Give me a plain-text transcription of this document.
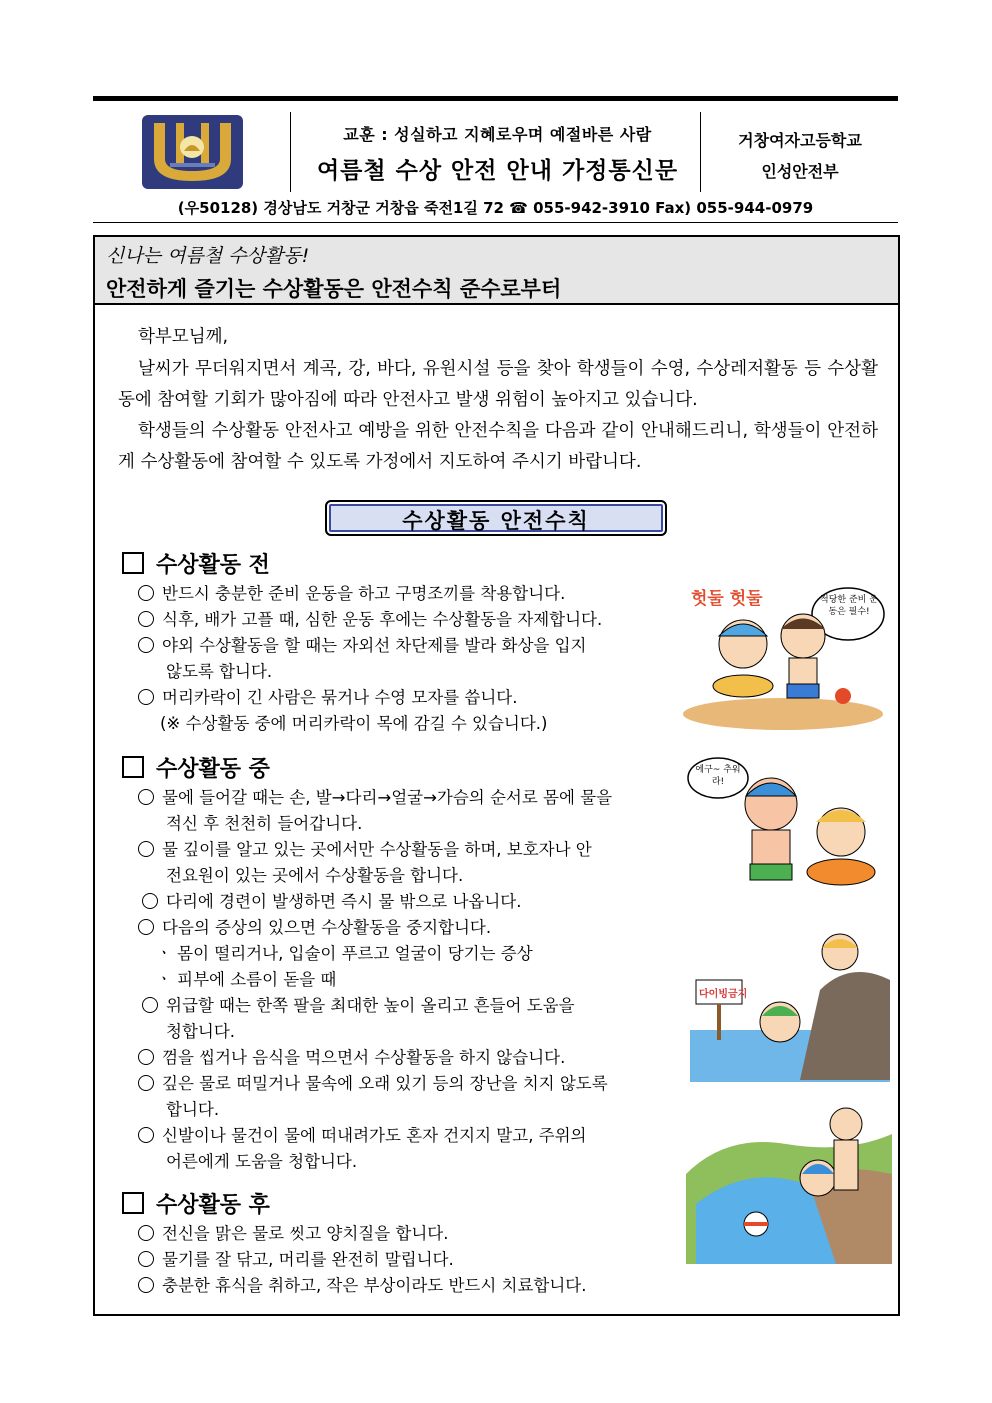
교훈 : 성실하고 지혜로우며 예절바른 사람
여름철 수상 안전 안내 가정통신문
거창여자고등학교
인성안전부
(우50128) 경상남도 거창군 거창읍 죽전1길 72 ☎ 055-942-3910 Fax) 055-944-0979
신나는 여름철 수상활동!
안전하게 즐기는 수상활동은 안전수칙 준수로부터
학부모님께,
날씨가 무더워지면서 계곡, 강, 바다, 유원시설 등을 찾아 학생들이 수영, 수상레저활동 등 수상활동에 참여할 기회가 많아짐에 따라 안전사고 발생 위험이 높아지고 있습니다.
학생들의 수상활동 안전사고 예방을 위한 안전수칙을 다음과 같이 안내해드리니, 학생들이 안전하게 수상활동에 참여할 수 있도록 가정에서 지도하여 주시기 바랍니다.
수상활동 안전수칙
수상활동 전
반드시 충분한 준비 운동을 하고 구명조끼를 착용합니다.
식후, 배가 고플 때, 심한 운동 후에는 수상활동을 자제합니다.
야외 수상활동을 할 때는 자외선 차단제를 발라 화상을 입지
않도록 합니다.
머리카락이 긴 사람은 묶거나 수영 모자를 씁니다.
(※ 수상활동 중에 머리카락이 목에 감길 수 있습니다.)
헛둘 헛둘	적당한 준비 운동은 필수!
수상활동 중
물에 들어갈 때는 손, 발→다리→얼굴→가슴의 순서로 몸에 물을
적신 후 천천히 들어갑니다.
물 깊이를 알고 있는 곳에서만 수상활동을 하며, 보호자나 안
전요원이 있는 곳에서 수상활동을 합니다.
다리에 경련이 발생하면 즉시 물 밖으로 나옵니다.
다음의 증상의 있으면 수상활동을 중지합니다.
ㆍ 몸이 떨리거나, 입술이 푸르고 얼굴이 당기는 증상
ㆍ 피부에 소름이 돋을 때
위급할 때는 한쪽 팔을 최대한 높이 올리고 흔들어 도움을
청합니다.
껌을 씹거나 음식을 먹으면서 수상활동을 하지 않습니다.
깊은 물로 떠밀거나 물속에 오래 있기 등의 장난을 치지 않도록
합니다.
신발이나 물건이 물에 떠내려가도 혼자 건지지 말고, 주위의
어른에게 도움을 청합니다.
에구~ 추워라!
다이빙금지
수상활동 후
전신을 맑은 물로 씻고 양치질을 합니다.
물기를 잘 닦고, 머리를 완전히 말립니다.
충분한 휴식을 취하고, 작은 부상이라도 반드시 치료합니다.
